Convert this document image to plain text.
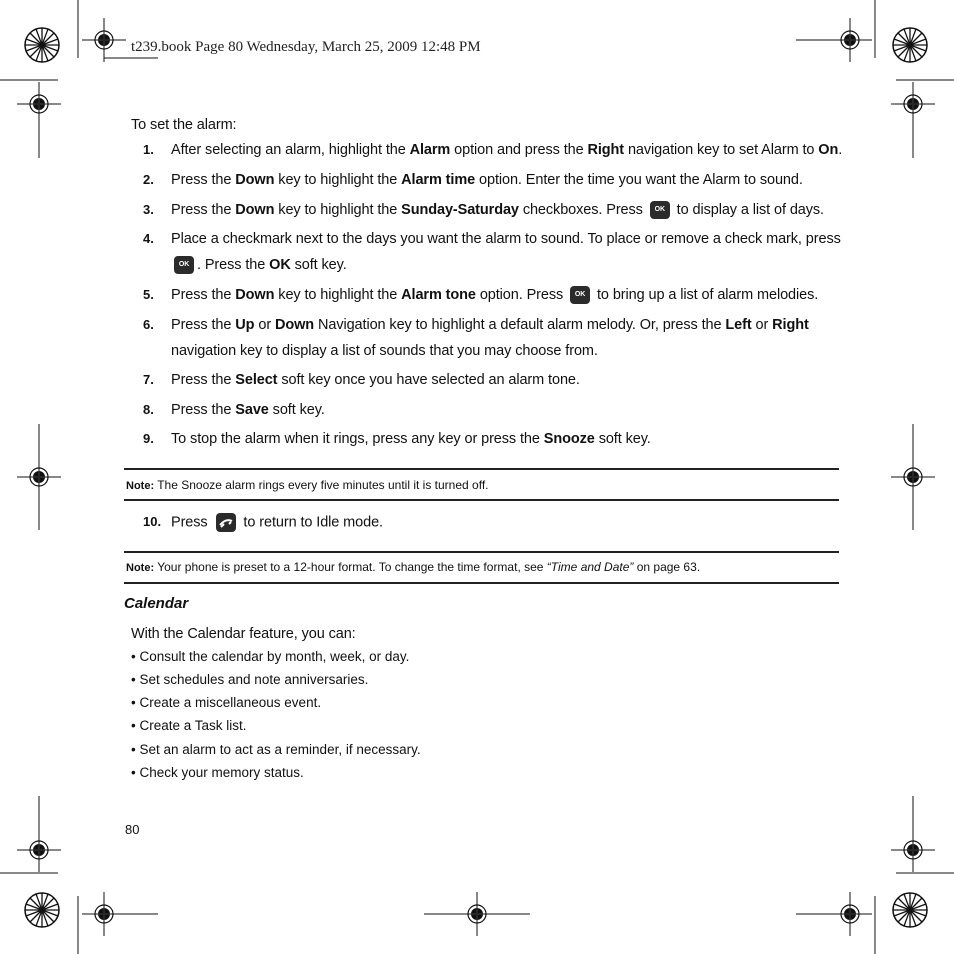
t239.book Page 80 Wednesday, March 25, 2009 12:48 PM
To set the alarm:
1. After selecting an alarm, highlight the Alarm option and press the Right navigation key to set Alarm to On.
2. Press the Down key to highlight the Alarm time option. Enter the time you want the Alarm to sound.
3. Press the Down key to highlight the Sunday-Saturday checkboxes. Press OK to display a list of days.
4. Place a checkmark next to the days you want the alarm to sound. To place or remove a check mark, press
OK . Press the OK soft key.
5. Press the Down key to highlight the Alarm tone option. Press OK to bring up a list of alarm melodies.
6. Press the Up or Down Navigation key to highlight a default alarm melody. Or, press the Left or Right
navigation key to display a list of sounds that you may choose from.
7. Press the Select soft key once you have selected an alarm tone.
8. Press the Save soft key.
9. To stop the alarm when it rings, press any key or press the Snooze soft key.
10. Press
to return to Idle mode.
Note: The Snooze alarm rings every five minutes until it is turned off.
Note: Your phone is preset to a 12-hour format. To change the time format, see “Time and Date” on page 63.
Calendar
With the Calendar feature, you can:
• Consult the calendar by month, week, or day.
• Set schedules and note anniversaries.
• Create a miscellaneous event.
• Create a Task list.
• Set an alarm to act as a reminder, if necessary.
• Check your memory status.
80
